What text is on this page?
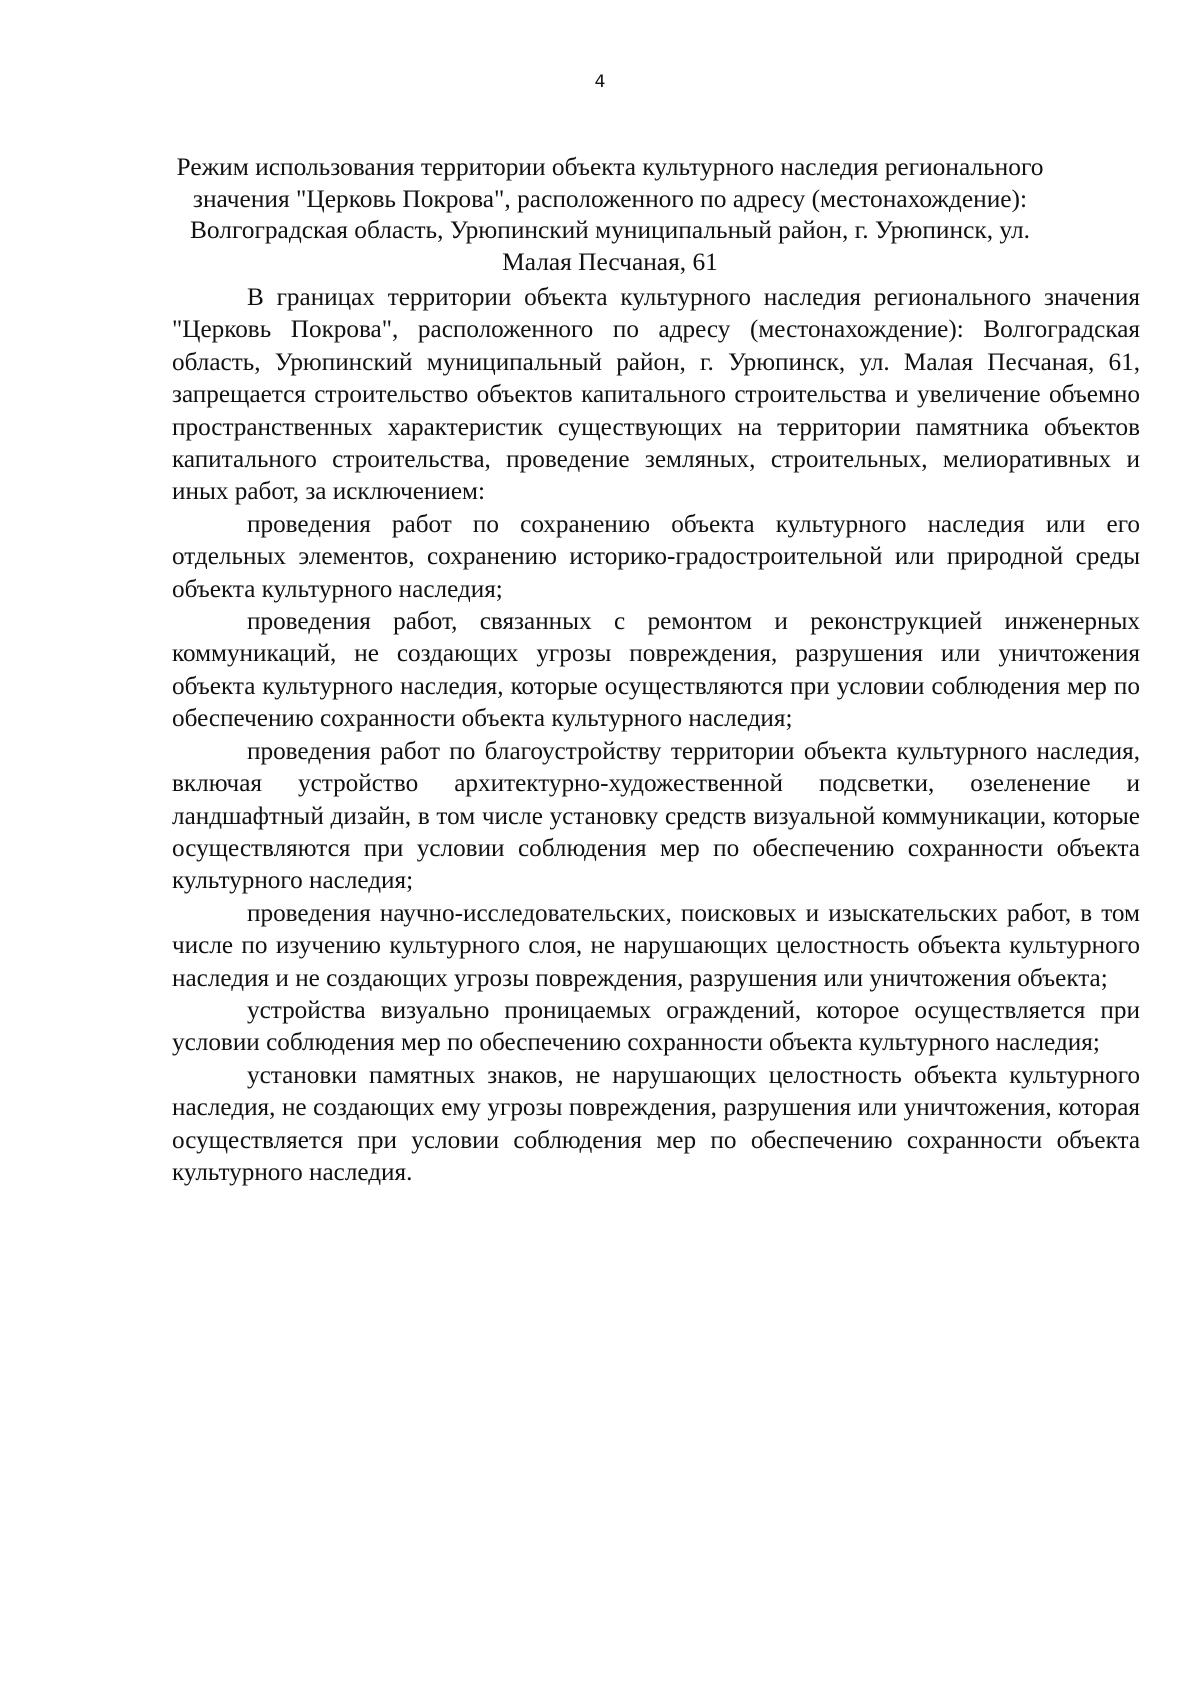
4
Режим использования территории объекта культурного наследия регионального значения "Церковь Покрова", расположенного по адресу (местонахождение): Волгоградская область, Урюпинский муниципальный район, г. Урюпинск, ул. Малая Песчаная, 61

В границах территории объекта культурного наследия регионального значения "Церковь Покрова", расположенного по адресу (местонахождение): Волгоградская область, Урюпинский муниципальный район, г. Урюпинск, ул. Малая Песчаная, 61, запрещается строительство объектов капитального строительства и увеличение объемно пространственных характеристик существующих на территории памятника объектов капитального строительства, проведение земляных, строительных, мелиоративных и иных работ, за исключением:

проведения работ по сохранению объекта культурного наследия или его отдельных элементов, сохранению историко-градостроительной или природной среды объекта культурного наследия;

проведения работ, связанных с ремонтом и реконструкцией инженерных коммуникаций, не создающих угрозы повреждения, разрушения или уничтожения объекта культурного наследия, которые осуществляются при условии соблюдения мер по обеспечению сохранности объекта культурного наследия;

проведения работ по благоустройству территории объекта культурного наследия, включая устройство архитектурно-художественной подсветки, озеленение и ландшафтный дизайн, в том числе установку средств визуальной коммуникации, которые осуществляются при условии соблюдения мер по обеспечению сохранности объекта культурного наследия;

проведения научно-исследовательских, поисковых и изыскательских работ, в том числе по изучению культурного слоя, не нарушающих целостность объекта культурного наследия и не создающих угрозы повреждения, разрушения или уничтожения объекта;

устройства визуально проницаемых ограждений, которое осуществляется при условии соблюдения мер по обеспечению сохранности объекта культурного наследия;

установки памятных знаков, не нарушающих целостность объекта культурного наследия, не создающих ему угрозы повреждения, разрушения или уничтожения, которая осуществляется при условии соблюдения мер по обеспечению сохранности объекта культурного наследия.
